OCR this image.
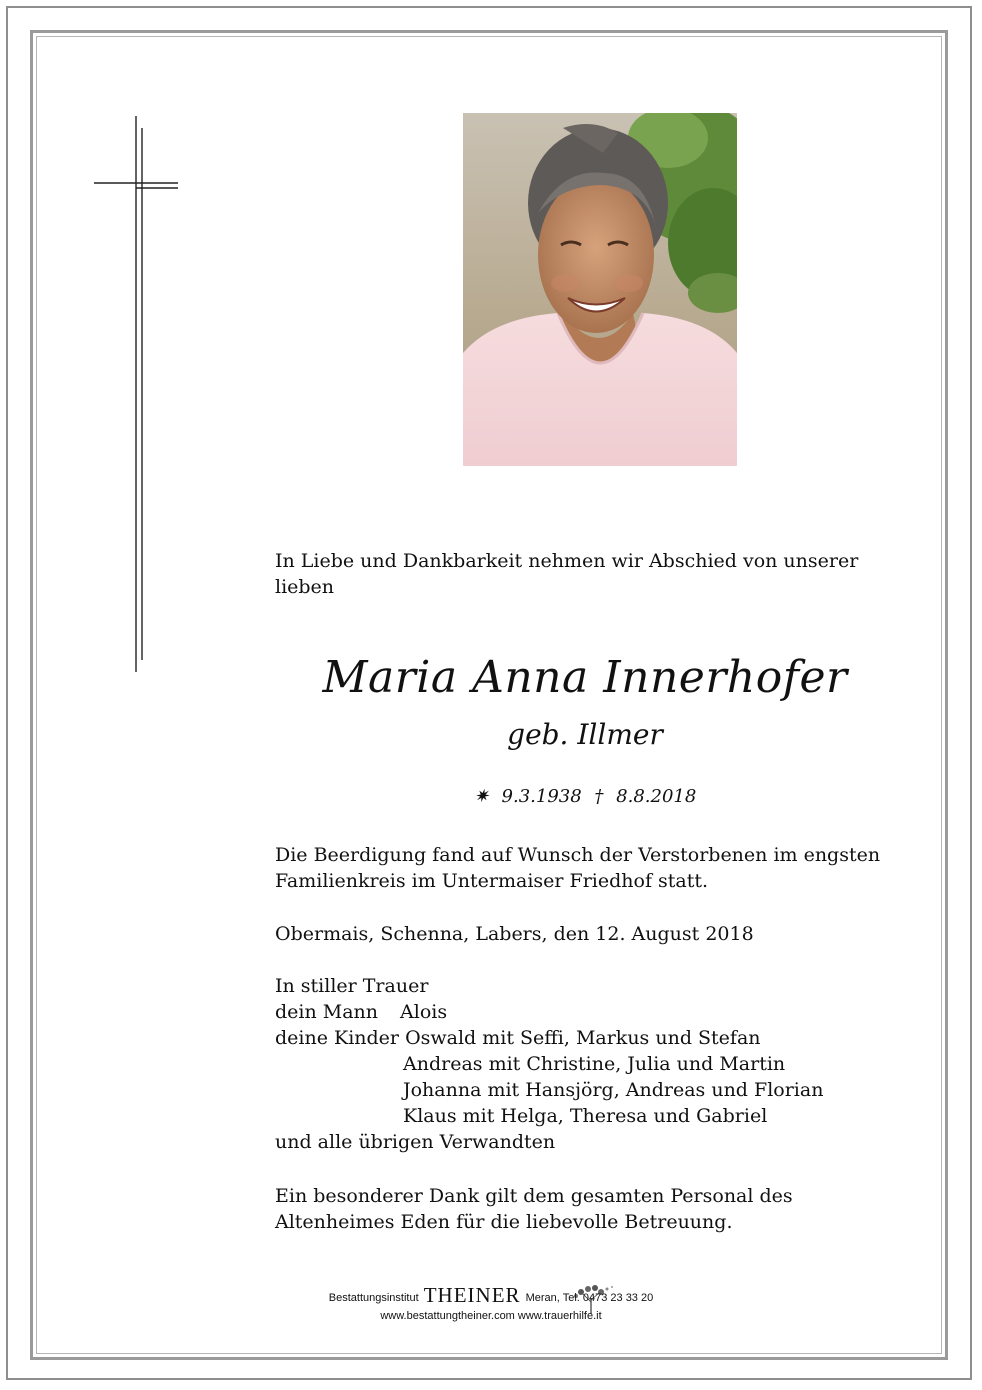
In Liebe und Dankbarkeit nehmen wir Abschied von unserer lieben
Maria Anna Innerhofer
geb. Illmer
✷ 9.3.1938 † 8.8.2018
Die Beerdigung fand auf Wunsch der Verstorbenen im engsten Familienkreis im Untermaiser Friedhof statt.
Obermais, Schenna, Labers, den 12. August 2018
In stiller Trauer
dein Mann Alois
deine Kinder Oswald mit Seffi, Markus und Stefan
Andreas mit Christine, Julia und Martin
Johanna mit Hansjörg, Andreas und Florian
Klaus mit Helga, Theresa und Gabriel
und alle übrigen Verwandten
Ein besonderer Dank gilt dem gesamten Personal des Altenheimes Eden für die liebevolle Betreuung.
Bestattungsinstitut THEINER Meran, Tel. 0473 23 33 20
www.bestattungtheiner.com www.trauerhilfe.it
